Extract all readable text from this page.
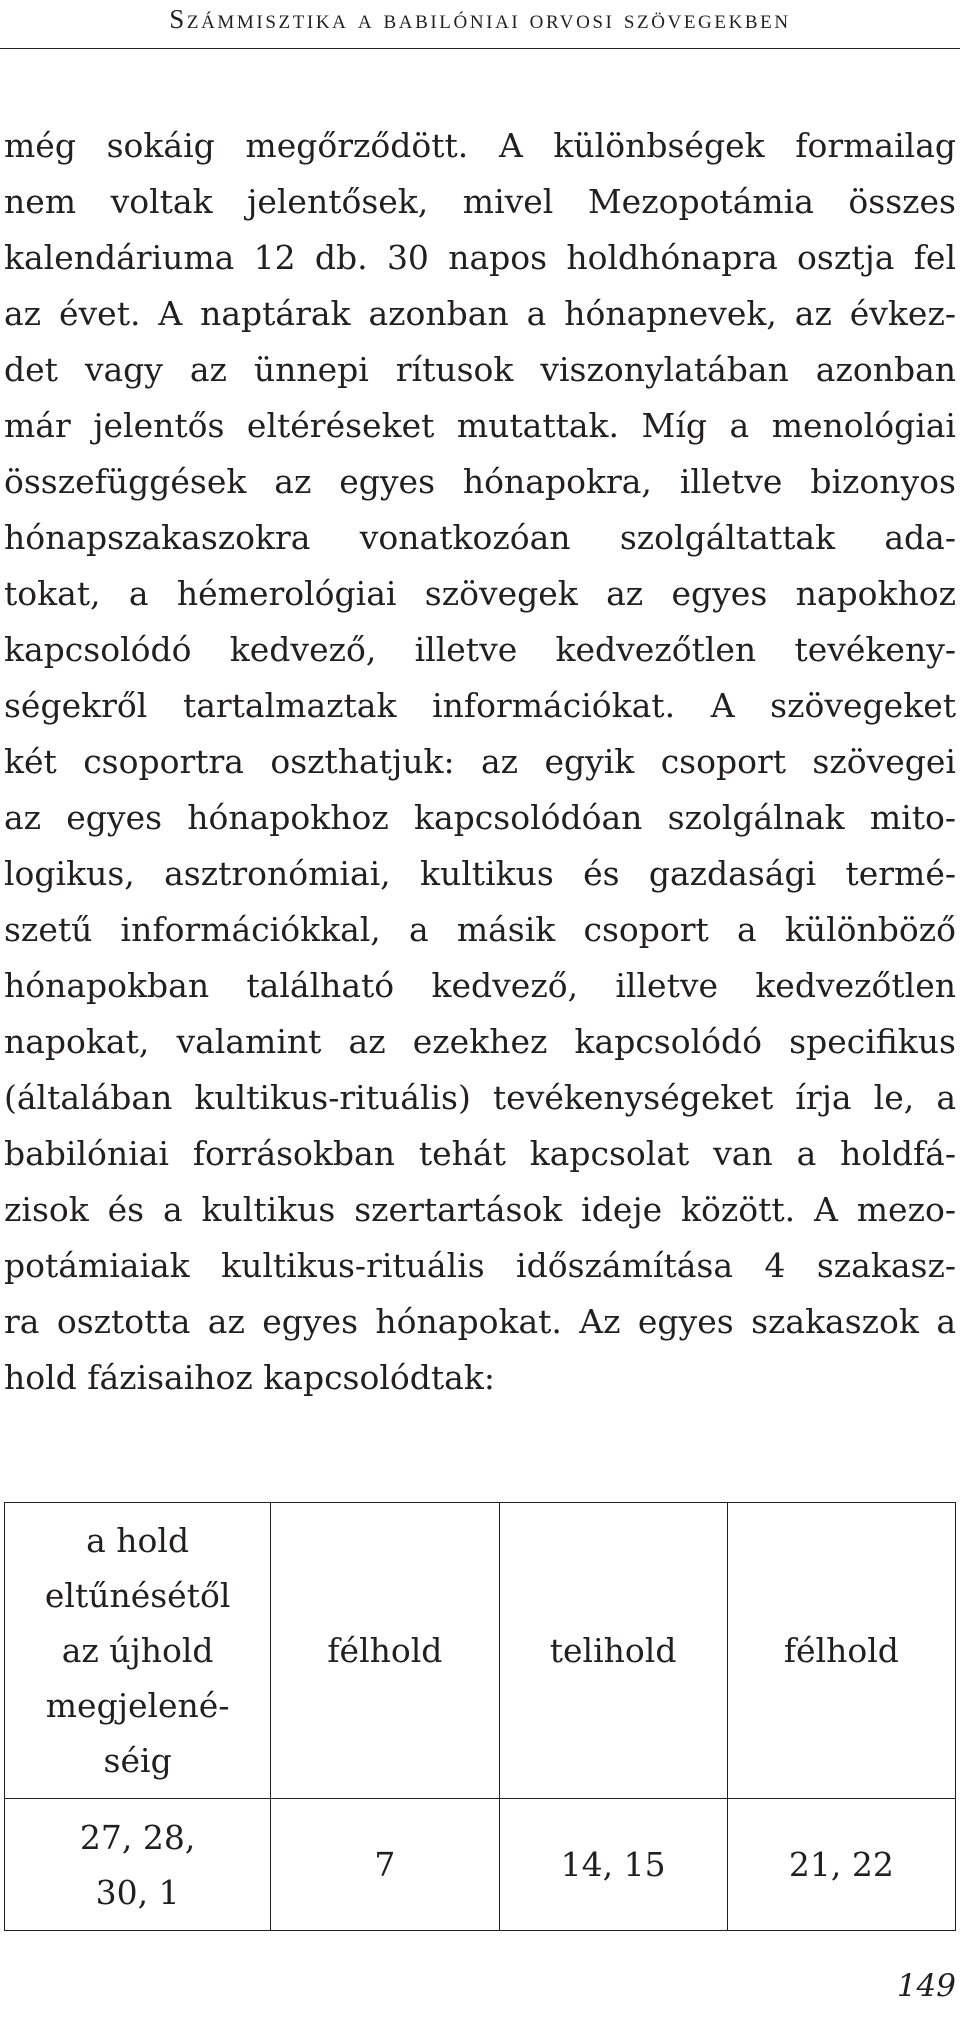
Számmisztika a babilóniai orvosi szövegekben
még sokáig megőrződött. A különbségek formailag
nem voltak jelentősek, mivel Mezopotámia összes
kalendáriuma 12 db. 30 napos holdhónapra osztja fel
az évet. A naptárak azonban a hónapnevek, az évkez-
det vagy az ünnepi rítusok viszonylatában azonban
már jelentős eltéréseket mutattak. Míg a menológiai
összefüggések az egyes hónapokra, illetve bizonyos
hónapszakaszokra vonatkozóan szolgáltattak ada-
tokat, a hémerológiai szövegek az egyes napokhoz
kapcsolódó kedvező, illetve kedvezőtlen tevékeny-
ségekről tartalmaztak információkat. A szövegeket
két csoportra oszthatjuk: az egyik csoport szövegei
az egyes hónapokhoz kapcsolódóan szolgálnak mito-
logikus, asztronómiai, kultikus és gazdasági termé-
szetű információkkal, a másik csoport a különböző
hónapokban található kedvező, illetve kedvezőtlen
napokat, valamint az ezekhez kapcsolódó specifikus
(általában kultikus-rituális) tevékenységeket írja le, a
babilóniai forrásokban tehát kapcsolat van a holdfá-
zisok és a kultikus szertartások ideje között. A mezo-
potámiaiak kultikus-rituális időszámítása 4 szakasz-
ra osztotta az egyes hónapokat. Az egyes szakaszok a
hold fázisaihoz kapcsolódtak:
a hold
eltűnésétől
az újhold
megjelené-
séig	félhold	telihold	félhold

27, 28,
30, 1	7	14, 15	21, 22
149
